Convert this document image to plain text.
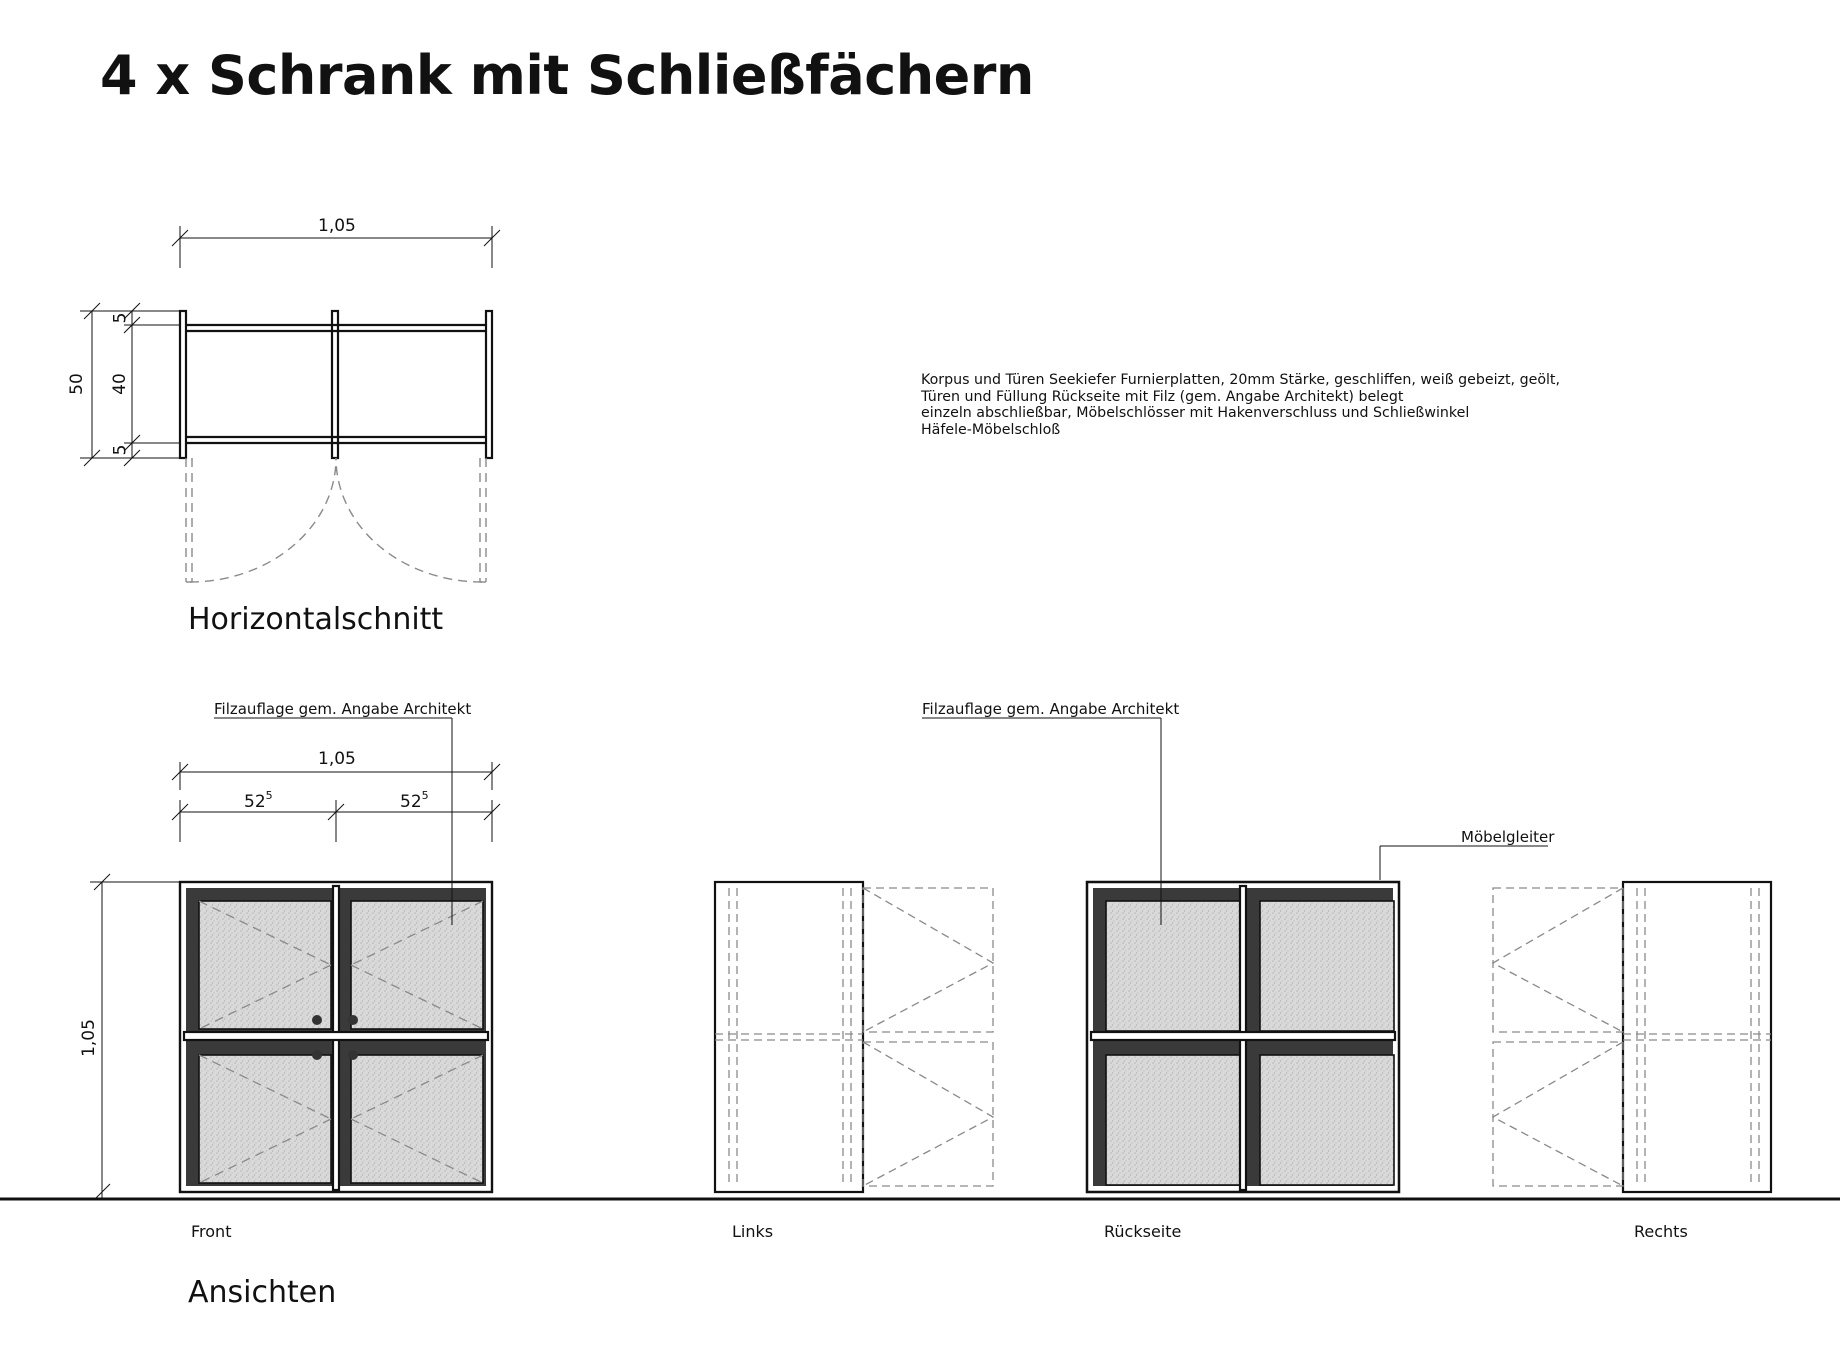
4 x Schrank mit Schließfächern
Horizontalschnitt
Ansichten
Korpus und Türen Seekiefer Furnierplatten, 20mm Stärke, geschliffen, weiß gebeizt, geölt,
Türen und Füllung Rückseite mit Filz (gem. Angabe Architekt) belegt
einzeln abschließbar, Möbelschlösser mit Hakenverschluss und Schließwinkel
Häfele-Möbelschloß
1,05
50 40
5
5
1,05
$52^5$	$52^5$
1,05
Filzauflage gem. Angabe Architekt	Filzauflage gem. Angabe Architekt
Möbelgleiter
Front	Links	Rückseite	Rechts
